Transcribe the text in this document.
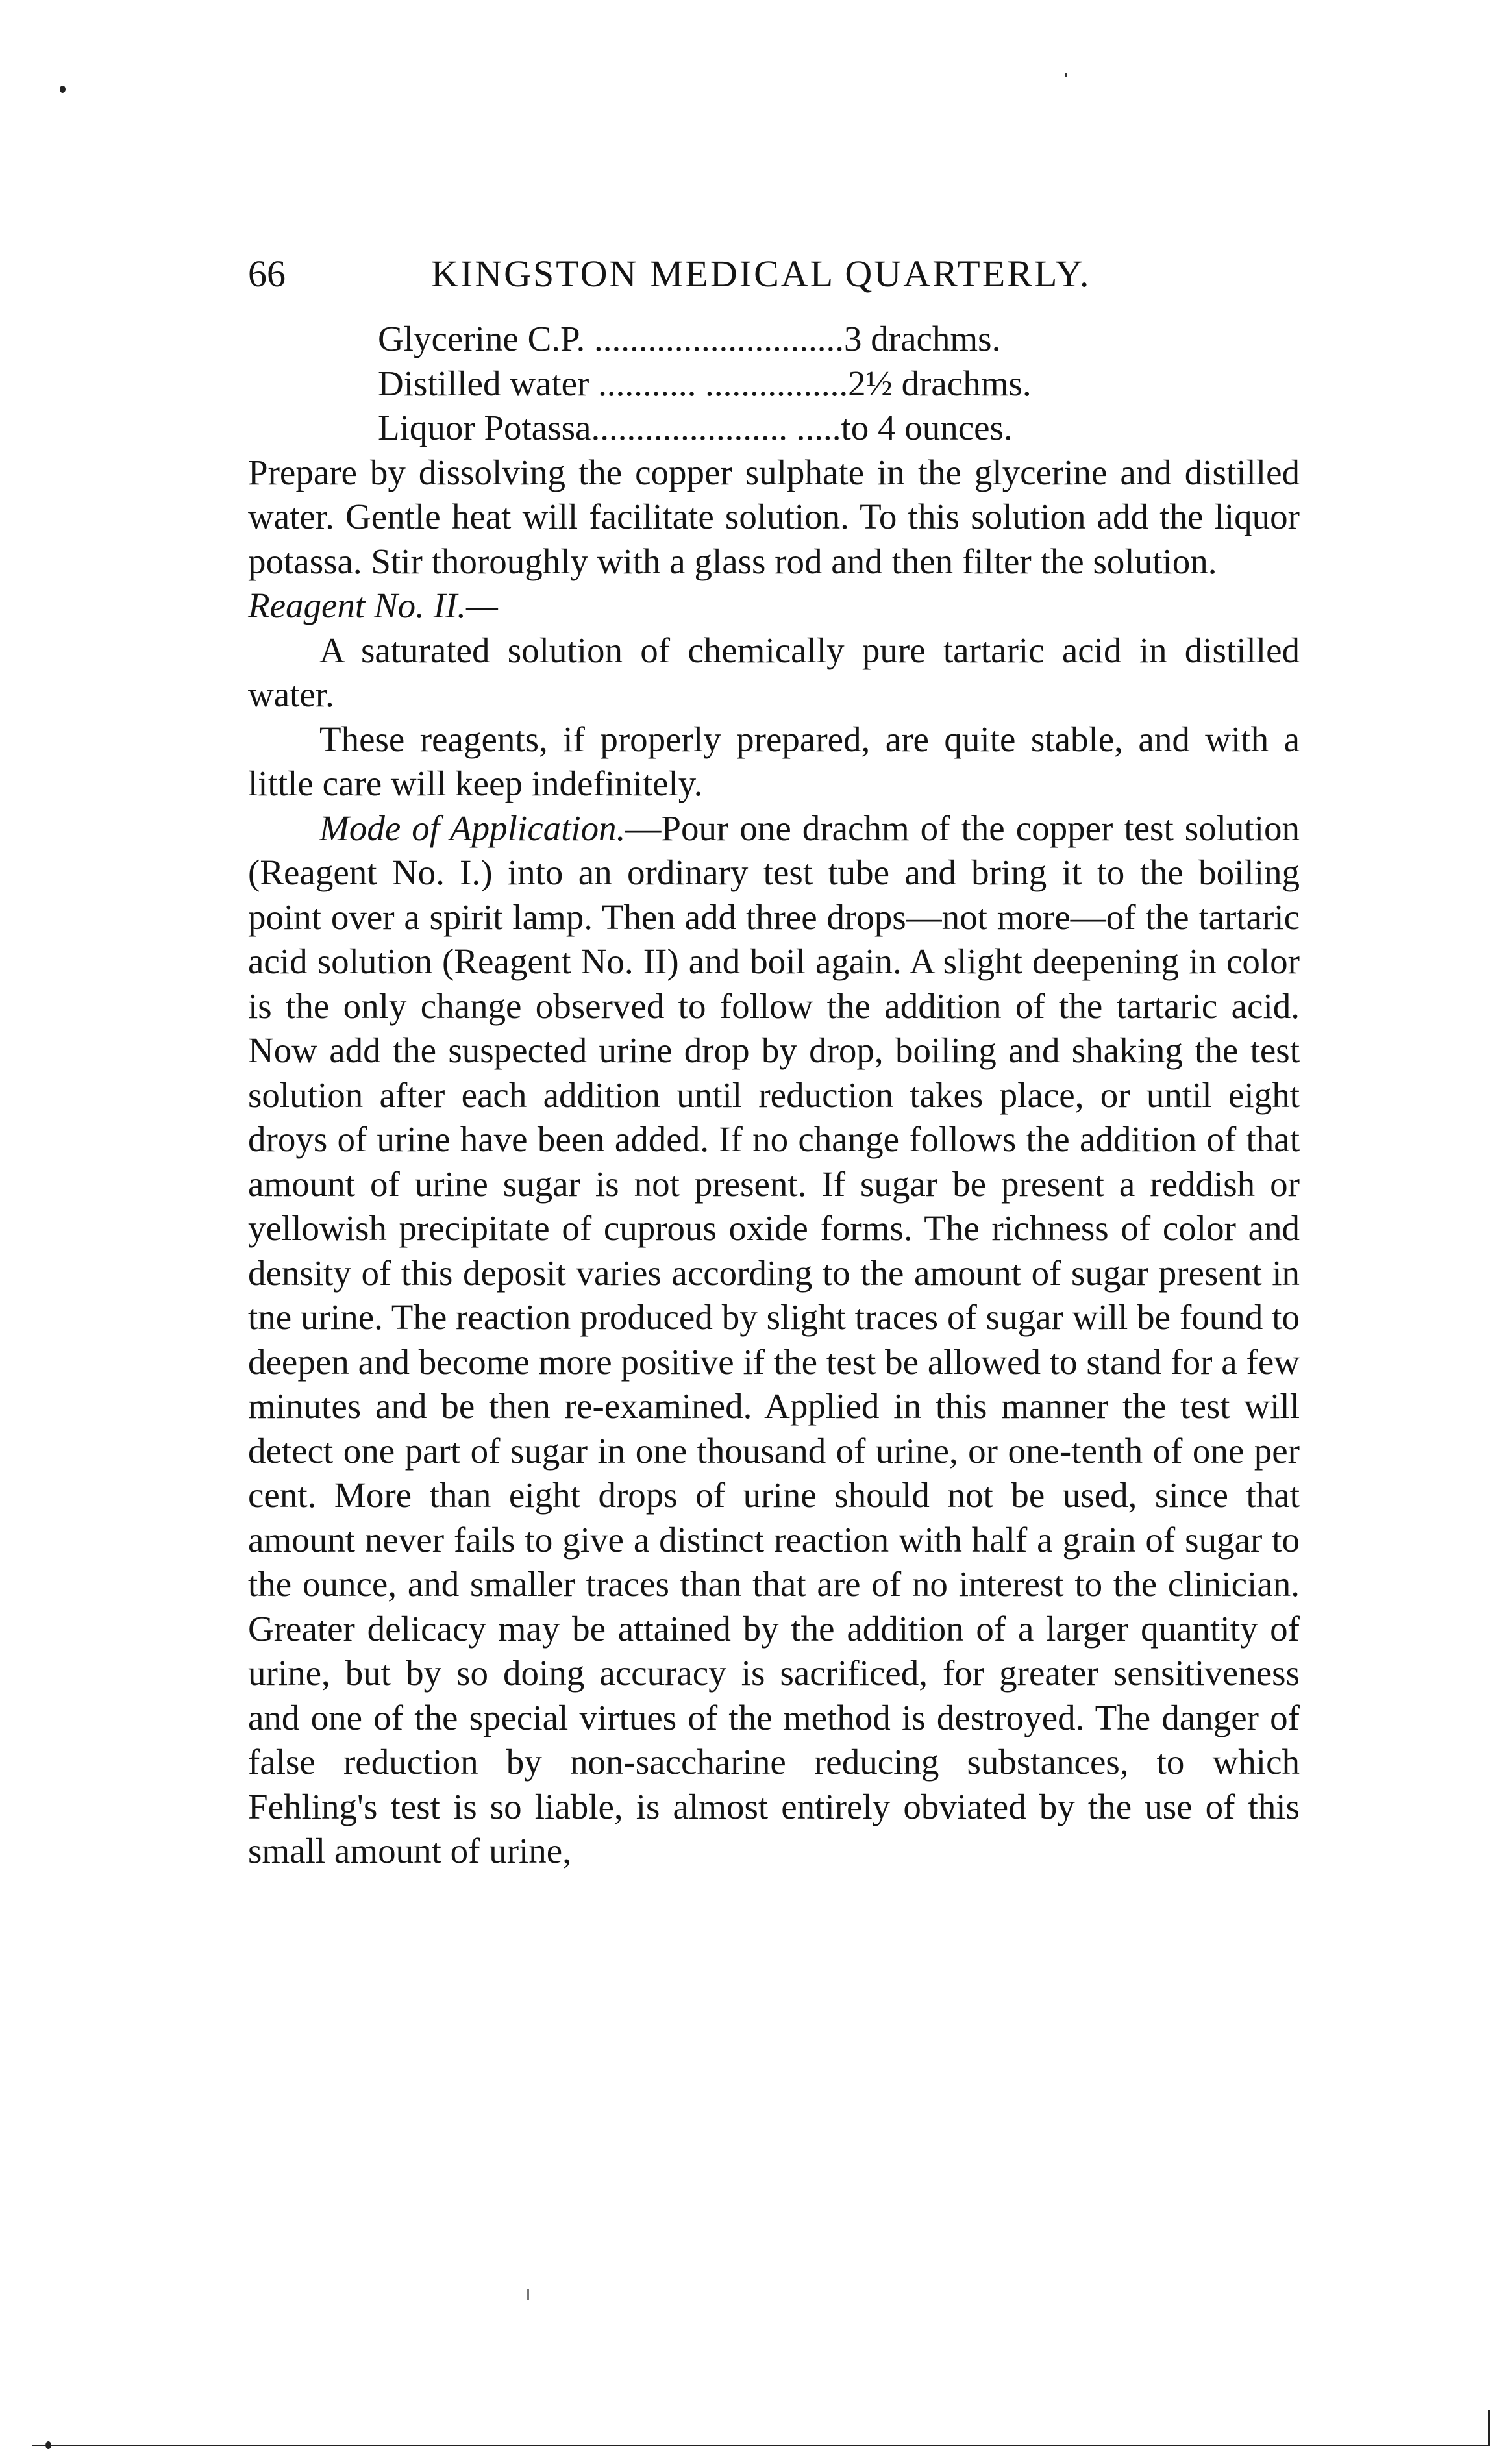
66	KINGSTON MEDICAL QUARTERLY.
Glycerine C.P. ............................3 drachms.
Distilled water ........... ................2½ drachms.
Liquor Potassa...................... .....to 4 ounces.

Prepare by dissolving the copper sulphate in the glycerine and distilled water. Gentle heat will facilitate solution. To this solution add the liquor potassa. Stir thoroughly with a glass rod and then filter the solution.

Reagent No. II.—

A saturated solution of chemically pure tartaric acid in distilled water.

These reagents, if properly prepared, are quite stable, and with a little care will keep indefinitely.

Mode of Application.—Pour one drachm of the copper test solution (Reagent No. I.) into an ordinary test tube and bring it to the boiling point over a spirit lamp. Then add three drops—not more—of the tartaric acid solution (Reagent No. II) and boil again. A slight deepening in color is the only change observed to follow the addition of the tartaric acid. Now add the suspected urine drop by drop, boiling and shaking the test solution after each addition until reduction takes place, or until eight droys of urine have been added. If no change follows the addition of that amount of urine sugar is not present. If sugar be present a reddish or yellowish precipitate of cuprous oxide forms. The richness of color and density of this deposit varies according to the amount of sugar present in tne urine. The reaction produced by slight traces of sugar will be found to deepen and become more positive if the test be allowed to stand for a few minutes and be then re-examined. Applied in this manner the test will detect one part of sugar in one thousand of urine, or one-tenth of one per cent. More than eight drops of urine should not be used, since that amount never fails to give a distinct reaction with half a grain of sugar to the ounce, and smaller traces than that are of no interest to the clinician. Greater delicacy may be attained by the addition of a larger quantity of urine, but by so doing accuracy is sacrificed, for greater sensitiveness and one of the special virtues of the method is destroyed. The danger of false reduction by non-saccharine reducing substances, to which Fehling's test is so liable, is almost entirely obviated by the use of this small amount of urine,
